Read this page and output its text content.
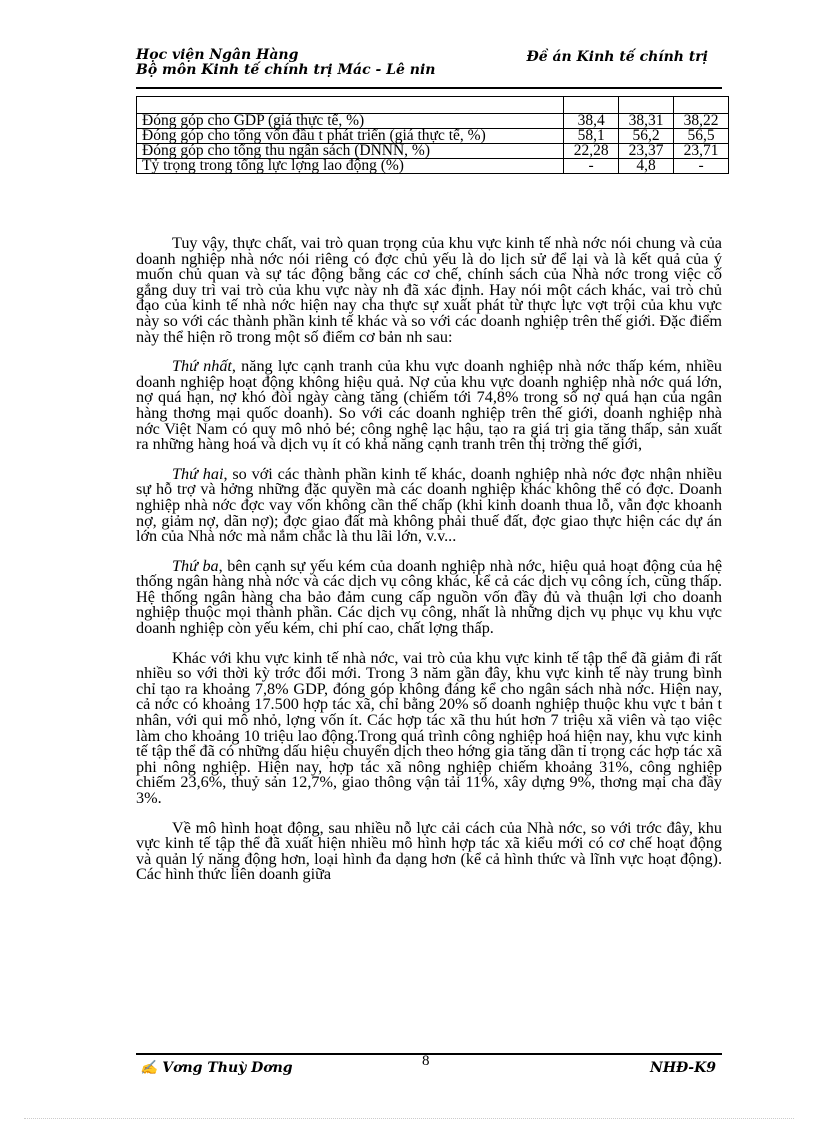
Học viện Ngân Hàng
Bộ môn Kinh tế chính trị Mác - Lê nin
Đề án Kinh tế chính trị

Đóng góp cho GDP (giá thực tế, %)	38,4	38,31	38,22
Đóng góp cho tổng vốn đầu t phát triển (giá thực tế, %)	58,1	56,2	56,5
Đóng góp cho tổng thu ngân sách (DNNN, %)	22,28	23,37	23,71
Tỷ trọng trong tổng lực lợng lao động (%)	-	4,8	-

Tuy vậy, thực chất, vai trò quan trọng của khu vực kinh tế nhà nớc nói chung và của doanh nghiệp nhà nớc nói riêng có đợc chủ yếu là do lịch sử để lại và là kết quả của ý muốn chủ quan và sự tác động bằng các cơ chế, chính sách của Nhà nớc trong việc cố gắng duy trì vai trò của khu vực này nh đã xác định. Hay nói một cách khác, vai trò chủ đạo của kinh tế nhà nớc hiện nay cha thực sự xuất phát từ thực lực vợt trội của khu vực này so với các thành phần kinh tế khác và so với các doanh nghiệp trên thế giới. Đặc điểm này thể hiện rõ trong một số điểm cơ bản nh sau:

Thứ nhất, năng lực cạnh tranh của khu vực doanh nghiệp nhà nớc thấp kém, nhiều doanh nghiệp hoạt động không hiệu quả. Nợ của khu vực doanh nghiệp nhà nớc quá lớn, nợ quá hạn, nợ khó đòi ngày càng tăng (chiếm tới 74,8% trong số nợ quá hạn của ngân hàng thơng mại quốc doanh). So với các doanh nghiệp trên thế giới, doanh nghiệp nhà nớc Việt Nam có quy mô nhỏ bé; công nghệ lạc hậu, tạo ra giá trị gia tăng thấp, sản xuất ra những hàng hoá và dịch vụ ít có khả năng cạnh tranh trên thị trờng thế giới,

Thứ hai, so với các thành phần kinh tế khác, doanh nghiệp nhà nớc đợc nhận nhiều sự hỗ trợ và hởng những đặc quyền mà các doanh nghiệp khác không thể có đợc. Doanh nghiệp nhà nớc đợc vay vốn không cần thế chấp (khi kinh doanh thua lỗ, vẫn đợc khoanh nợ, giảm nợ, dãn nợ); đợc giao đất mà không phải thuế đất, đợc giao thực hiện các dự án lớn của Nhà nớc mà nắm chắc là thu lãi lớn, v.v...

Thứ ba, bên cạnh sự yếu kém của doanh nghiệp nhà nớc, hiệu quả hoạt động của hệ thống ngân hàng nhà nớc và các dịch vụ công khác, kể cả các dịch vụ công ích, cũng thấp. Hệ thống ngân hàng cha bảo đảm cung cấp nguồn vốn đầy đủ và thuận lợi cho doanh nghiệp thuộc mọi thành phần. Các dịch vụ công, nhất là những dịch vụ phục vụ khu vực doanh nghiệp còn yếu kém, chi phí cao, chất lợng thấp.

Khác với khu vực kinh tế nhà nớc, vai trò của khu vực kinh tế tập thể đã giảm đi rất nhiều so với thời kỳ trớc đổi mới. Trong 3 năm gần đây, khu vực kinh tế này trung bình chỉ tạo ra khoảng 7,8% GDP, đóng góp không đáng kể cho ngân sách nhà nớc. Hiện nay, cả nớc có khoảng 17.500 hợp tác xã, chỉ bằng 20% số doanh nghiệp thuộc khu vực t bản t nhân, với qui mô nhỏ, lợng vốn ít. Các hợp tác xã thu hút hơn 7 triệu xã viên và tạo việc làm cho khoảng 10 triệu lao động.Trong quá trình công nghiệp hoá hiện nay, khu vực kinh tế tập thể đã có những dấu hiệu chuyển dịch theo hớng gia tăng dần tỉ trọng các hợp tác xã phi nông nghiệp. Hiện nay, hợp tác xã nông nghiệp chiếm khoảng 31%, công nghiệp chiếm 23,6%, thuỷ sản 12,7%, giao thông vận tải 11%, xây dựng 9%, thơng mại cha đầy 3%.

Về mô hình hoạt động, sau nhiều nỗ lực cải cách của Nhà nớc, so với trớc đây, khu vực kinh tế tập thể đã xuất hiện nhiều mô hình hợp tác xã kiểu mới có cơ chế hoạt động và quản lý năng động hơn, loại hình đa dạng hơn (kể cả hình thức và lĩnh vực hoạt động). Các hình thức liên doanh giữa

✍ Vơng Thuỳ Dơng	8	NHĐ-K9
